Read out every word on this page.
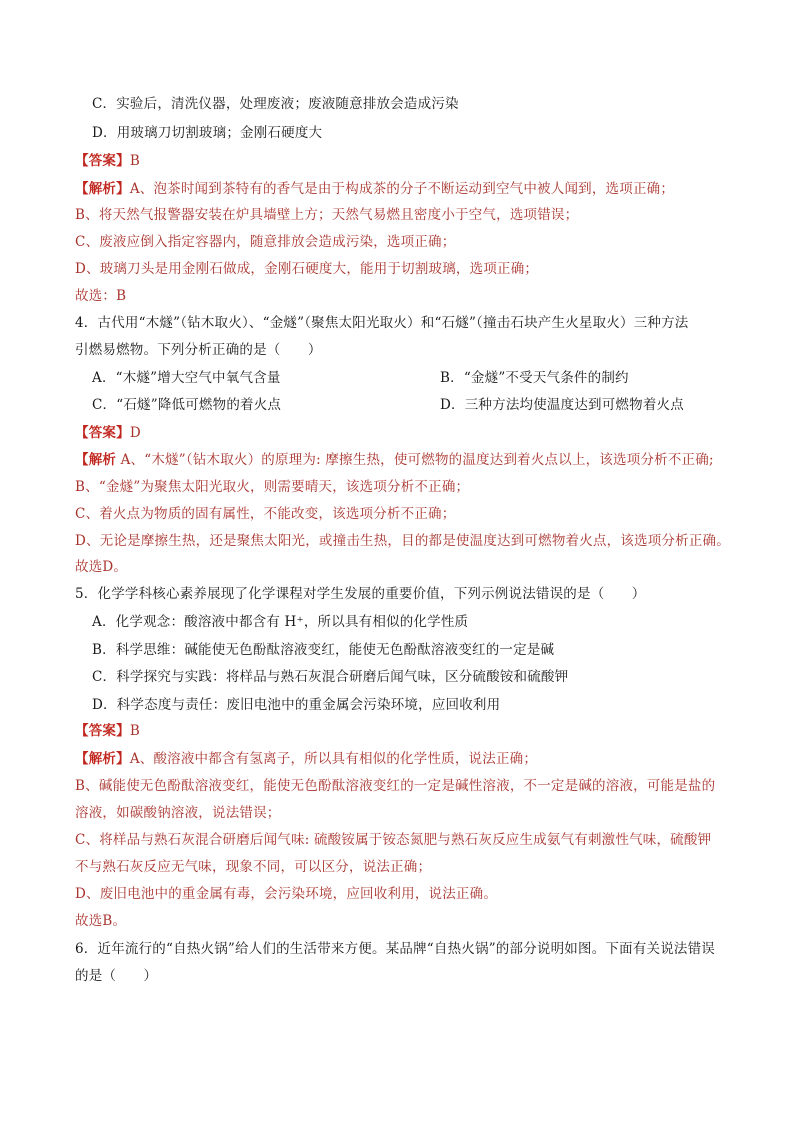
C．实验后，清洗仪器，处理废液；废液随意排放会造成污染
D．用玻璃刀切割玻璃；金刚石硬度大
【答案】B
【解析】A、泡茶时闻到茶特有的香气是由于构成茶的分子不断运动到空气中被人闻到，选项正确；
B、将天然气报警器安装在炉具墙壁上方；天然气易燃且密度小于空气，选项错误；
C、废液应倒入指定容器内，随意排放会造成污染，选项正确；
D、玻璃刀头是用金刚石做成，金刚石硬度大，能用于切割玻璃，选项正确；
故选：B
4．古代用“木燧”（钻木取火）、“金燧”（聚焦太阳光取火）和“石燧”（撞击石块产生火星取火）三种方法
引燃易燃物。下列分析正确的是（　　）
A．“木燧”增大空气中氧气含量	B．“金燧”不受天气条件的制约
C．“石燧”降低可燃物的着火点	D．三种方法均使温度达到可燃物着火点
【答案】D
【解析 A、“木燧”（钻木取火）的原理为: 摩擦生热，使可燃物的温度达到着火点以上，该选项分析不正确;
B、“金燧”为聚焦太阳光取火，则需要晴天，该选项分析不正确；
C、着火点为物质的固有属性，不能改变，该选项分析不正确；
D、无论是摩擦生热，还是聚焦太阳光，或撞击生热，目的都是使温度达到可燃物着火点，该选项分析正确。
故选D。
5．化学学科核心素养展现了化学课程对学生发展的重要价值，下列示例说法错误的是（　　）
A．化学观念：酸溶液中都含有 H⁺，所以具有相似的化学性质
B．科学思维：碱能使无色酚酞溶液变红，能使无色酚酞溶液变红的一定是碱
C．科学探究与实践：将样品与熟石灰混合研磨后闻气味，区分硫酸铵和硫酸钾
D．科学态度与责任：废旧电池中的重金属会污染环境，应回收利用
【答案】B
【解析】A、酸溶液中都含有氢离子，所以具有相似的化学性质，说法正确；
B、碱能使无色酚酞溶液变红，能使无色酚酞溶液变红的一定是碱性溶液，不一定是碱的溶液，可能是盐的
溶液，如碳酸钠溶液，说法错误；
C、将样品与熟石灰混合研磨后闻气味: 硫酸铵属于铵态氮肥与熟石灰反应生成氨气有刺激性气味，硫酸钾
不与熟石灰反应无气味，现象不同，可以区分，说法正确；
D、废旧电池中的重金属有毒，会污染环境，应回收利用，说法正确。
故选B。
6．近年流行的“自热火锅”给人们的生活带来方便。某品牌“自热火锅”的部分说明如图。下面有关说法错误
的是（　　）
